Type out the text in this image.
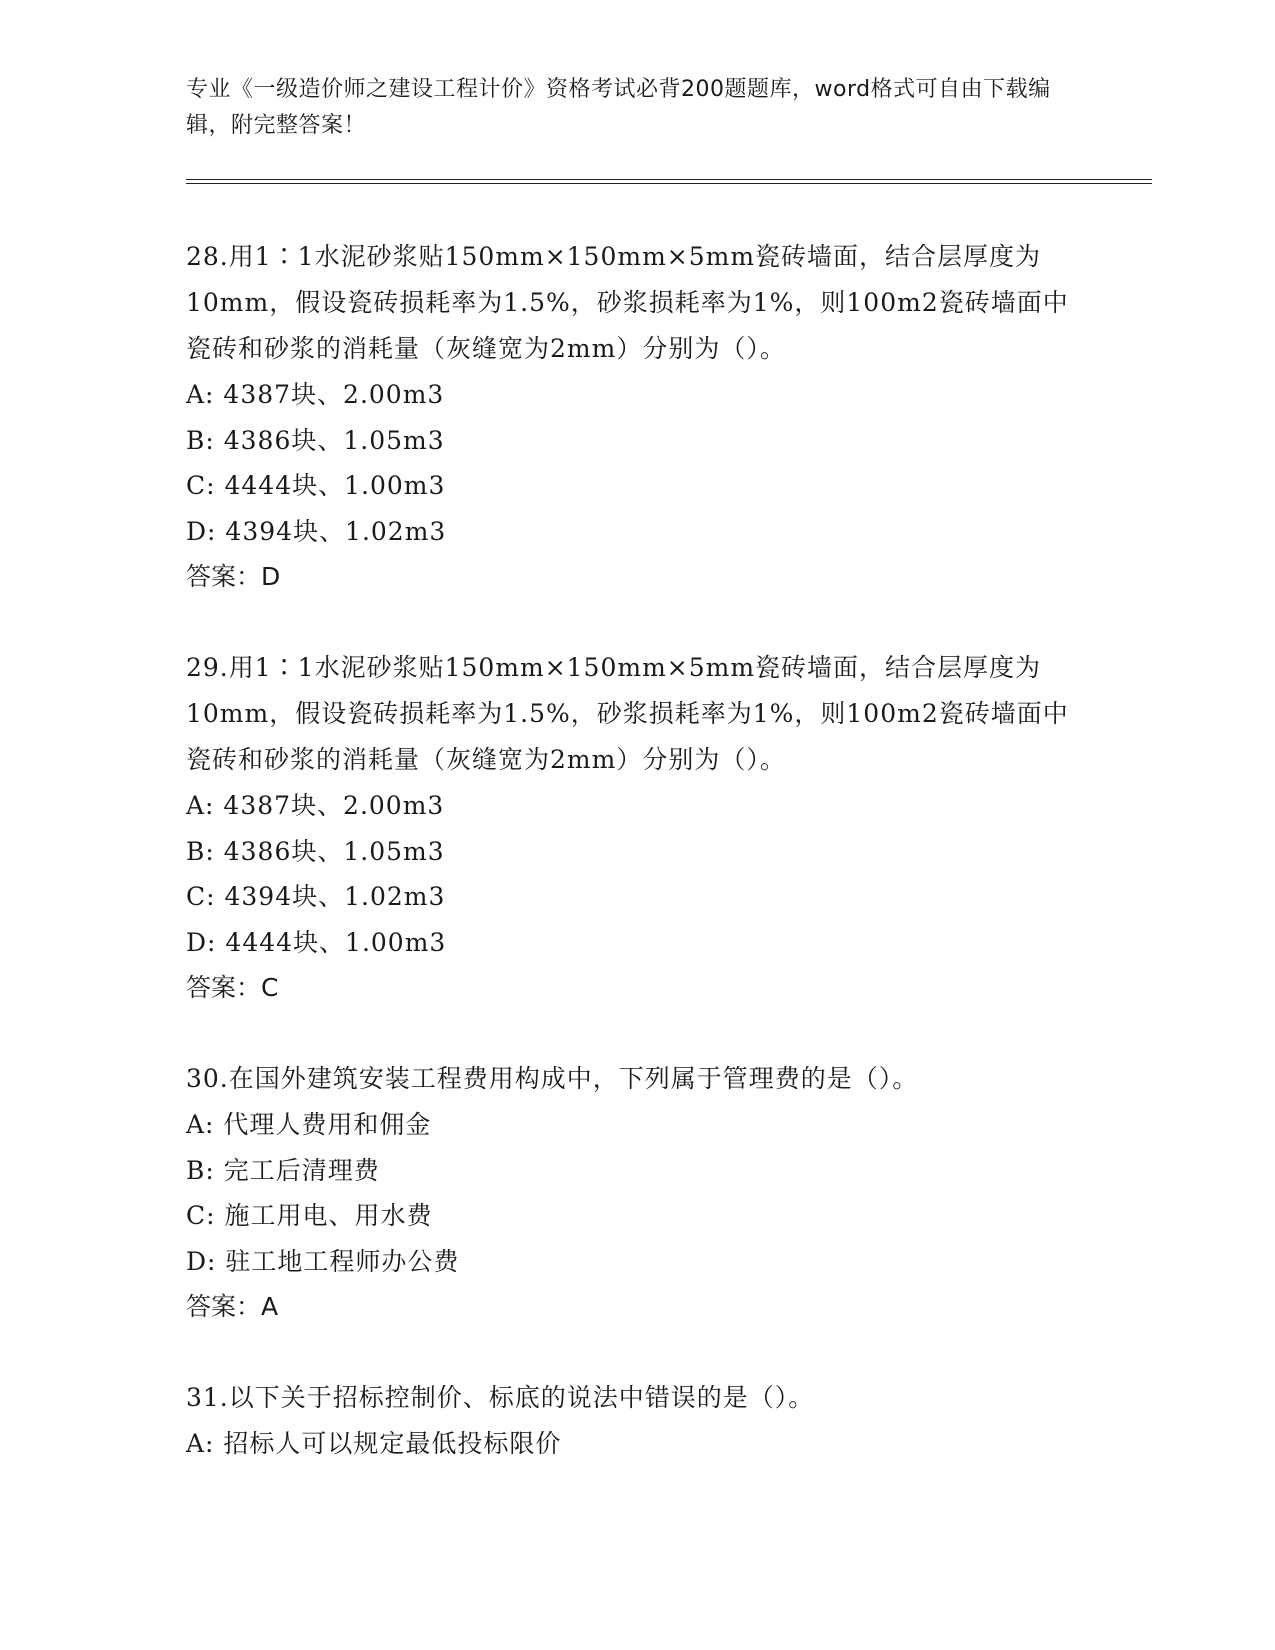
专业《一级造价师之建设工程计价》资格考试必背200题题库，word格式可自由下载编辑，附完整答案！
28.用1∶1水泥砂浆贴150mm×150mm×5mm瓷砖墙面，结合层厚度为10mm，假设瓷砖损耗率为1.5%，砂浆损耗率为1%，则100m2瓷砖墙面中瓷砖和砂浆的消耗量（灰缝宽为2mm）分别为（）。
A: 4387块、2.00m3
B: 4386块、1.05m3
C: 4444块、1.00m3
D: 4394块、1.02m3
答案：D
29.用1∶1水泥砂浆贴150mm×150mm×5mm瓷砖墙面，结合层厚度为10mm，假设瓷砖损耗率为1.5%，砂浆损耗率为1%，则100m2瓷砖墙面中瓷砖和砂浆的消耗量（灰缝宽为2mm）分别为（）。
A: 4387块、2.00m3
B: 4386块、1.05m3
C: 4394块、1.02m3
D: 4444块、1.00m3
答案：C
30.在国外建筑安装工程费用构成中，下列属于管理费的是（）。
A: 代理人费用和佣金
B: 完工后清理费
C: 施工用电、用水费
D: 驻工地工程师办公费
答案：A
31.以下关于招标控制价、标底的说法中错误的是（）。
A: 招标人可以规定最低投标限价
